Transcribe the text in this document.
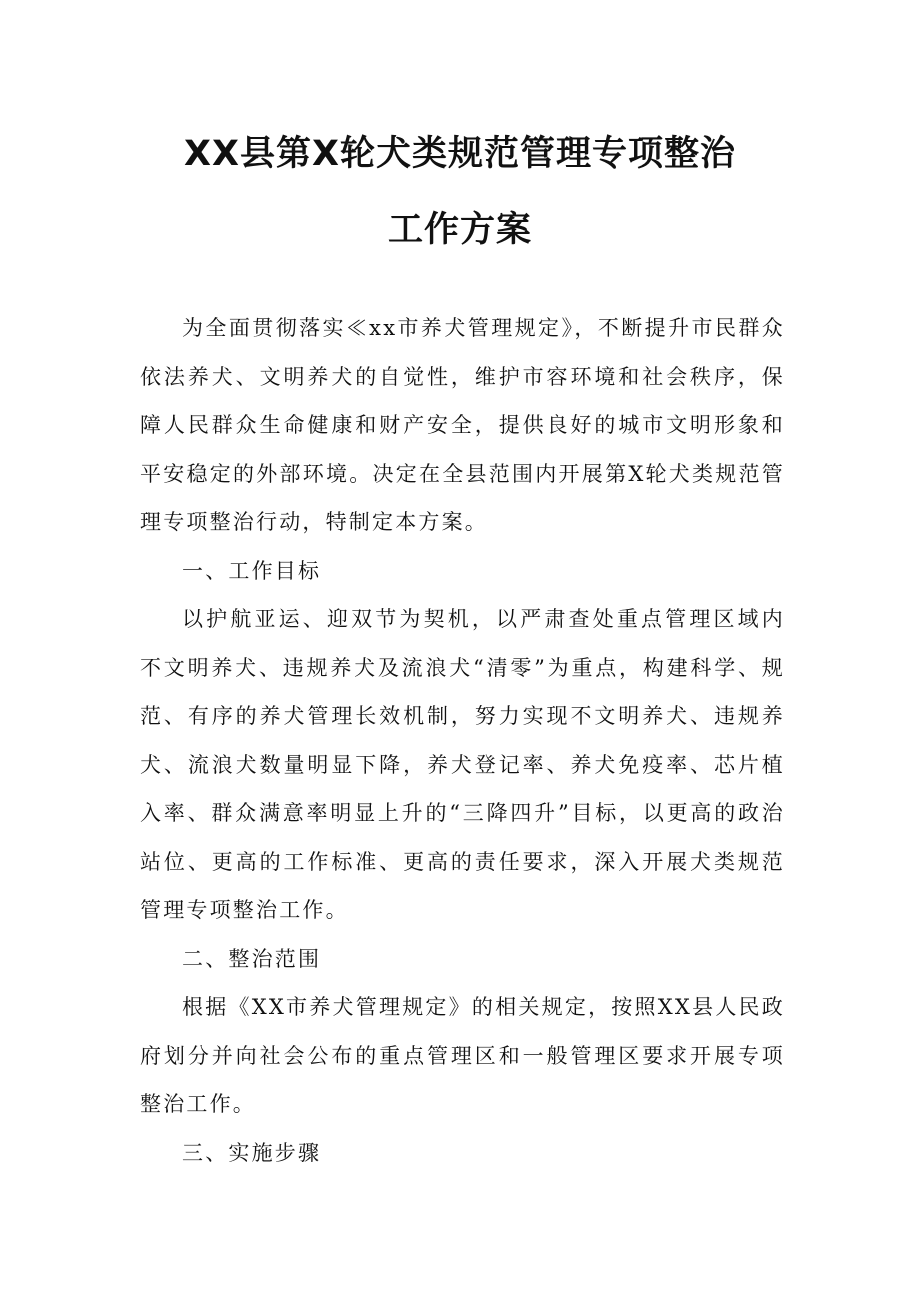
XX县第X轮犬类规范管理专项整治
工作方案

为全面贯彻落实≪xx市养犬管理规定》，不断提升市民群众依法养犬、文明养犬的自觉性，维护市容环境和社会秩序，保障人民群众生命健康和财产安全，提供良好的城市文明形象和平安稳定的外部环境。决定在全县范围内开展第X轮犬类规范管理专项整治行动，特制定本方案。

一、工作目标

以护航亚运、迎双节为契机，以严肃查处重点管理区域内不文明养犬、违规养犬及流浪犬“清零”为重点，构建科学、规范、有序的养犬管理长效机制，努力实现不文明养犬、违规养犬、流浪犬数量明显下降，养犬登记率、养犬免疫率、芯片植入率、群众满意率明显上升的“三降四升”目标，以更高的政治站位、更高的工作标准、更高的责任要求，深入开展犬类规范管理专项整治工作。

二、整治范围

根据《XX市养犬管理规定》的相关规定，按照XX县人民政府划分并向社会公布的重点管理区和一般管理区要求开展专项整治工作。

三、实施步骤
